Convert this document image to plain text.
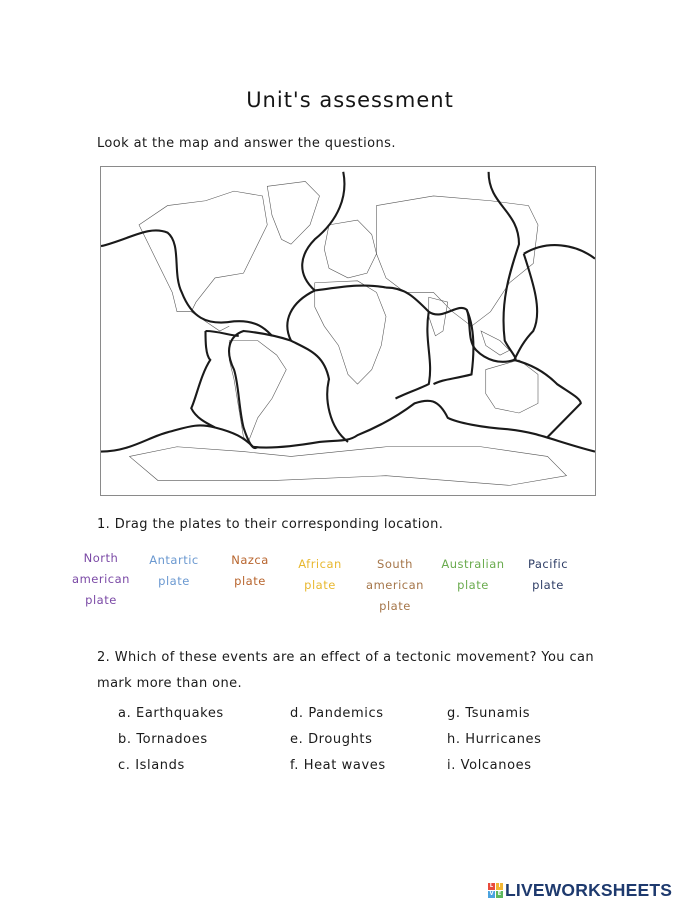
Unit's assessment
Look at the map and answer the questions.
1. Drag the plates to their corresponding location.
North
american
plate
Antartic
plate
Nazca
plate
African
plate
South
american
plate
Australian
plate
Pacific
plate
2. Which of these events are an effect of a tectonic movement? You can mark more than one.
a. Earthquakes
b. Tornadoes
c. Islands
d. Pandemics
e. Droughts
f. Heat waves
g. Tsunamis
h. Hurricanes
i. Volcanoes
L	I
V E LIVEWORKSHEETS
